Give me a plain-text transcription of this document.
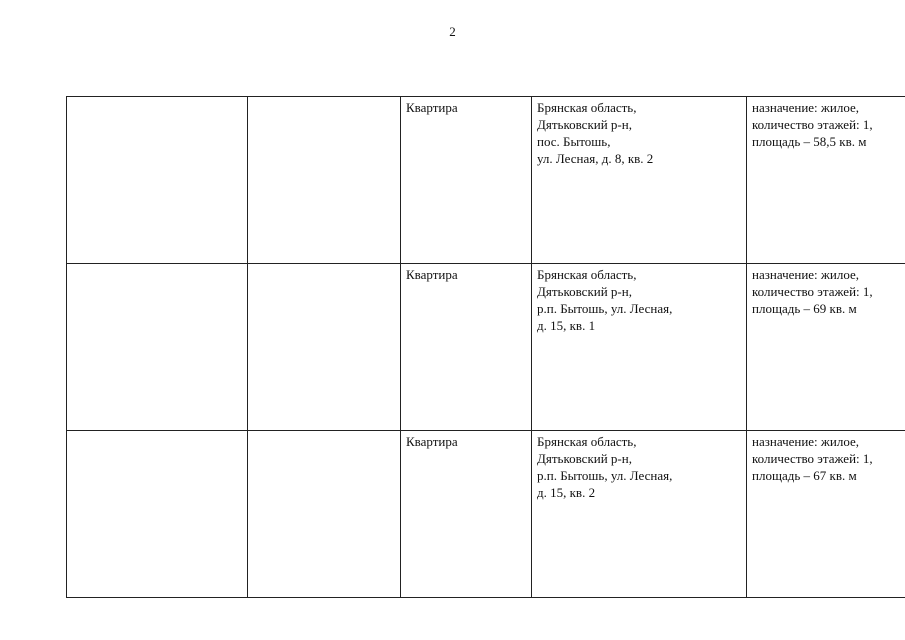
2
		Квартира	Брянская область,
Дятьковский р-н,
пос. Бытошь,
ул. Лесная, д. 8, кв. 2	назначение: жилое,
количество этажей: 1,
площадь – 58,5 кв. м

		Квартира	Брянская область,
Дятьковский р-н,
р.п. Бытошь, ул. Лесная,
д. 15, кв. 1	назначение: жилое,
количество этажей: 1,
площадь – 69 кв. м

		Квартира	Брянская область,
Дятьковский р-н,
р.п. Бытошь, ул. Лесная,
д. 15, кв. 2	назначение: жилое,
количество этажей: 1,
площадь – 67 кв. м
